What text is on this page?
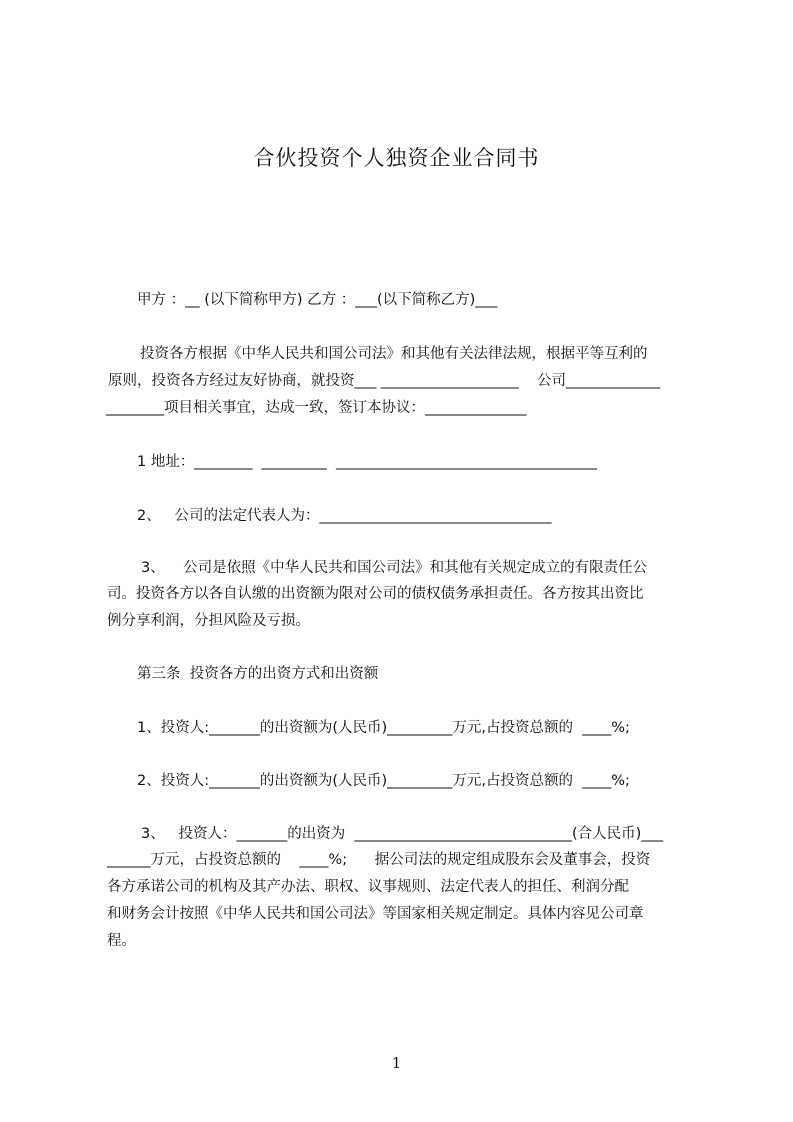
合伙投资个人独资企业合同书
甲方 ：__ (以下简称甲方) 乙方 ：___(以下简称乙方)___
投资各方根据《中华人民共和国公司法》和其他有关法律法规，根据平等互利的
原则，投资各方经过友好协商，就投资___ ___________________    公司_____________
________项目相关事宜，达成一致，签订本协议：______________
1 地址：________  _________  ____________________________________
2、   公司的法定代表人为：________________________________
3、    公司是依照《中华人民共和国公司法》和其他有关规定成立的有限责任公
司。投资各方以各自认缴的出资额为限对公司的债权债务承担责任。各方按其出资比
例分享利润，分担风险及亏损。
第三条  投资各方的出资方式和出资额
1、投资人:_______的出资额为(人民币)_________万元,占投资总额的  ____%;
2、投资人:_______的出资额为(人民币)_________万元,占投资总额的  ____%;
3、   投资人：_______的出资为  ______________________________(合人民币)___
______万元，占投资总额的    ____%;      据公司法的规定组成股东会及董事会，投资
各方承诺公司的机构及其产办法、职权、议事规则、法定代表人的担任、利润分配
和财务会计按照《中华人民共和国公司法》等国家相关规定制定。具体内容见公司章
程。
1
